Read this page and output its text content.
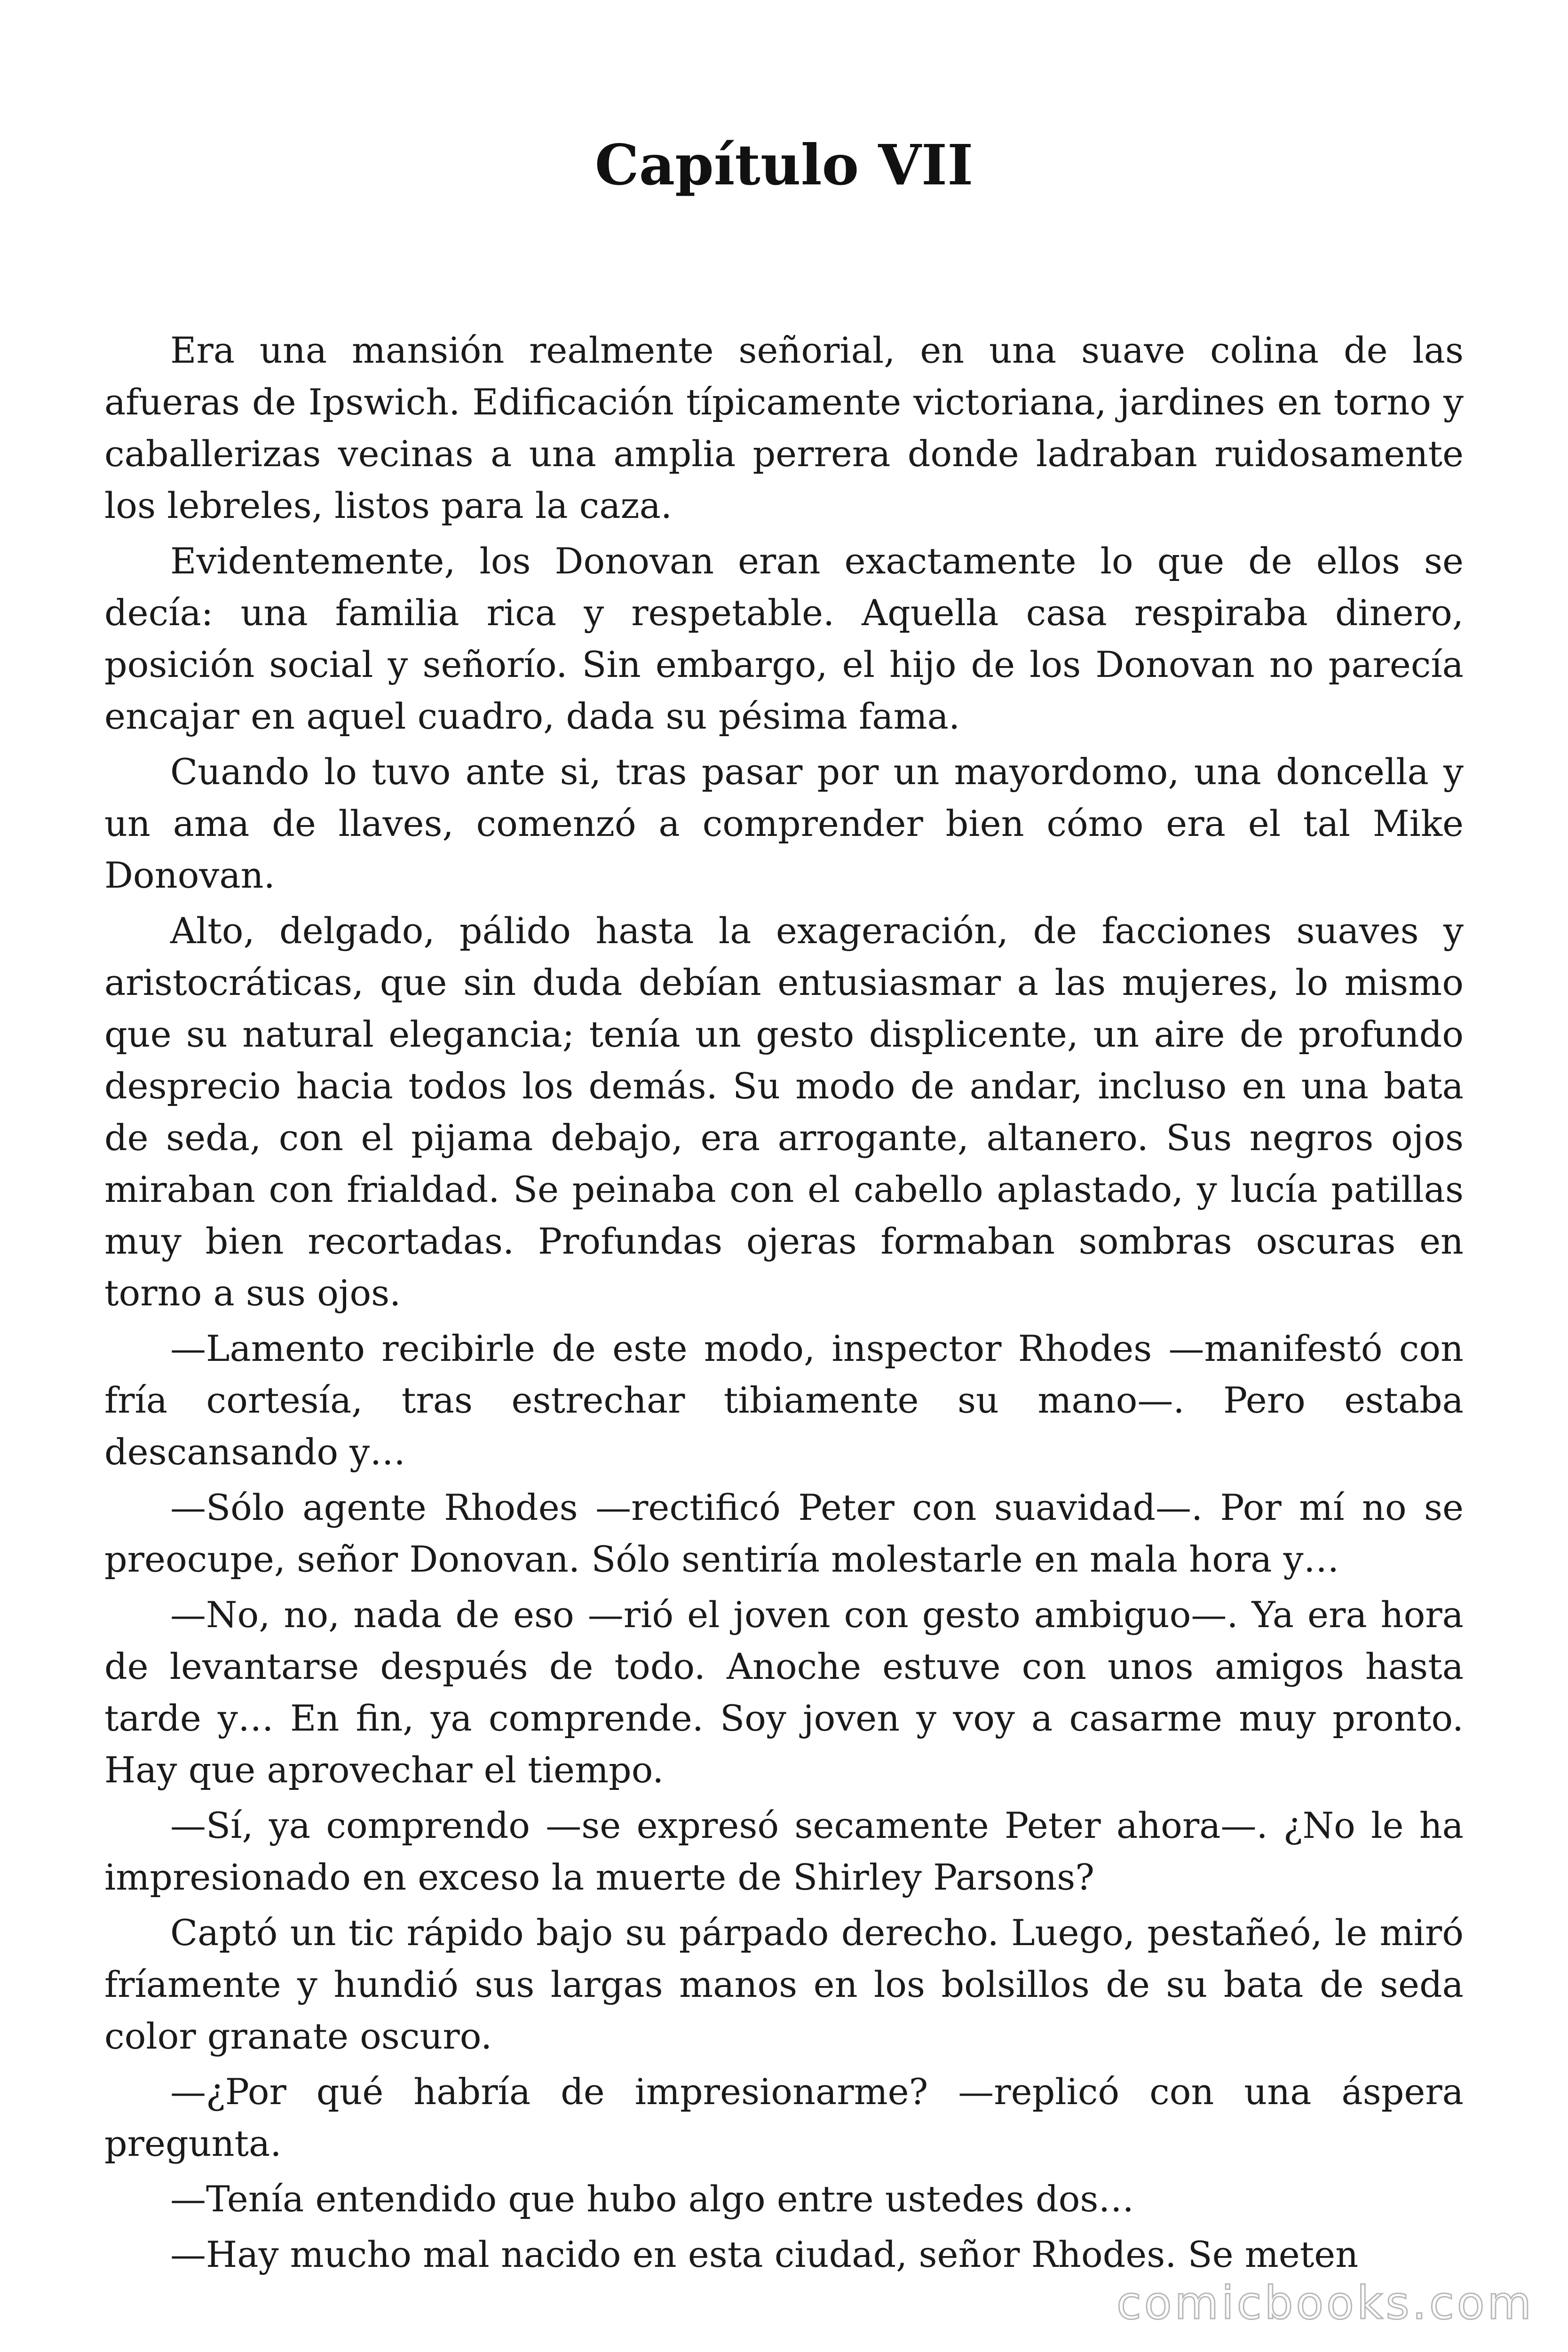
Capítulo VII

Era una mansión realmente señorial, en una suave colina de las afueras de Ipswich. Edificación típicamente victoriana, jardines en torno y caballerizas vecinas a una amplia perrera donde ladraban ruidosamente los lebreles, listos para la caza.

Evidentemente, los Donovan eran exactamente lo que de ellos se decía: una familia rica y respetable. Aquella casa respiraba dinero, posición social y señorío. Sin embargo, el hijo de los Donovan no parecía encajar en aquel cuadro, dada su pésima fama.

Cuando lo tuvo ante si, tras pasar por un mayordomo, una doncella y un ama de llaves, comenzó a comprender bien cómo era el tal Mike Donovan.

Alto, delgado, pálido hasta la exageración, de facciones suaves y aristocráticas, que sin duda debían entusiasmar a las mujeres, lo mismo que su natural elegancia; tenía un gesto displicente, un aire de profundo desprecio hacia todos los demás. Su modo de andar, incluso en una bata de seda, con el pijama debajo, era arrogante, altanero. Sus negros ojos miraban con frialdad. Se peinaba con el cabello aplastado, y lucía patillas muy bien recortadas. Profundas ojeras formaban sombras oscuras en torno a sus ojos.

—Lamento recibirle de este modo, inspector Rhodes —manifestó con fría cortesía, tras estrechar tibiamente su mano—. Pero estaba descansando y…

—Sólo agente Rhodes —rectificó Peter con suavidad—. Por mí no se preocupe, señor Donovan. Sólo sentiría molestarle en mala hora y…

—No, no, nada de eso —rió el joven con gesto ambiguo—. Ya era hora de levantarse después de todo. Anoche estuve con unos amigos hasta tarde y… En fin, ya comprende. Soy joven y voy a casarme muy pronto. Hay que aprovechar el tiempo.

—Sí, ya comprendo —se expresó secamente Peter ahora—. ¿No le ha impresionado en exceso la muerte de Shirley Parsons?

Captó un tic rápido bajo su párpado derecho. Luego, pestañeó, le miró fríamente y hundió sus largas manos en los bolsillos de su bata de seda color granate oscuro.

—¿Por qué habría de impresionarme? —replicó con una áspera pregunta.

—Tenía entendido que hubo algo entre ustedes dos…

—Hay mucho mal nacido en esta ciudad, señor Rhodes. Se meten

comicbooks.com
